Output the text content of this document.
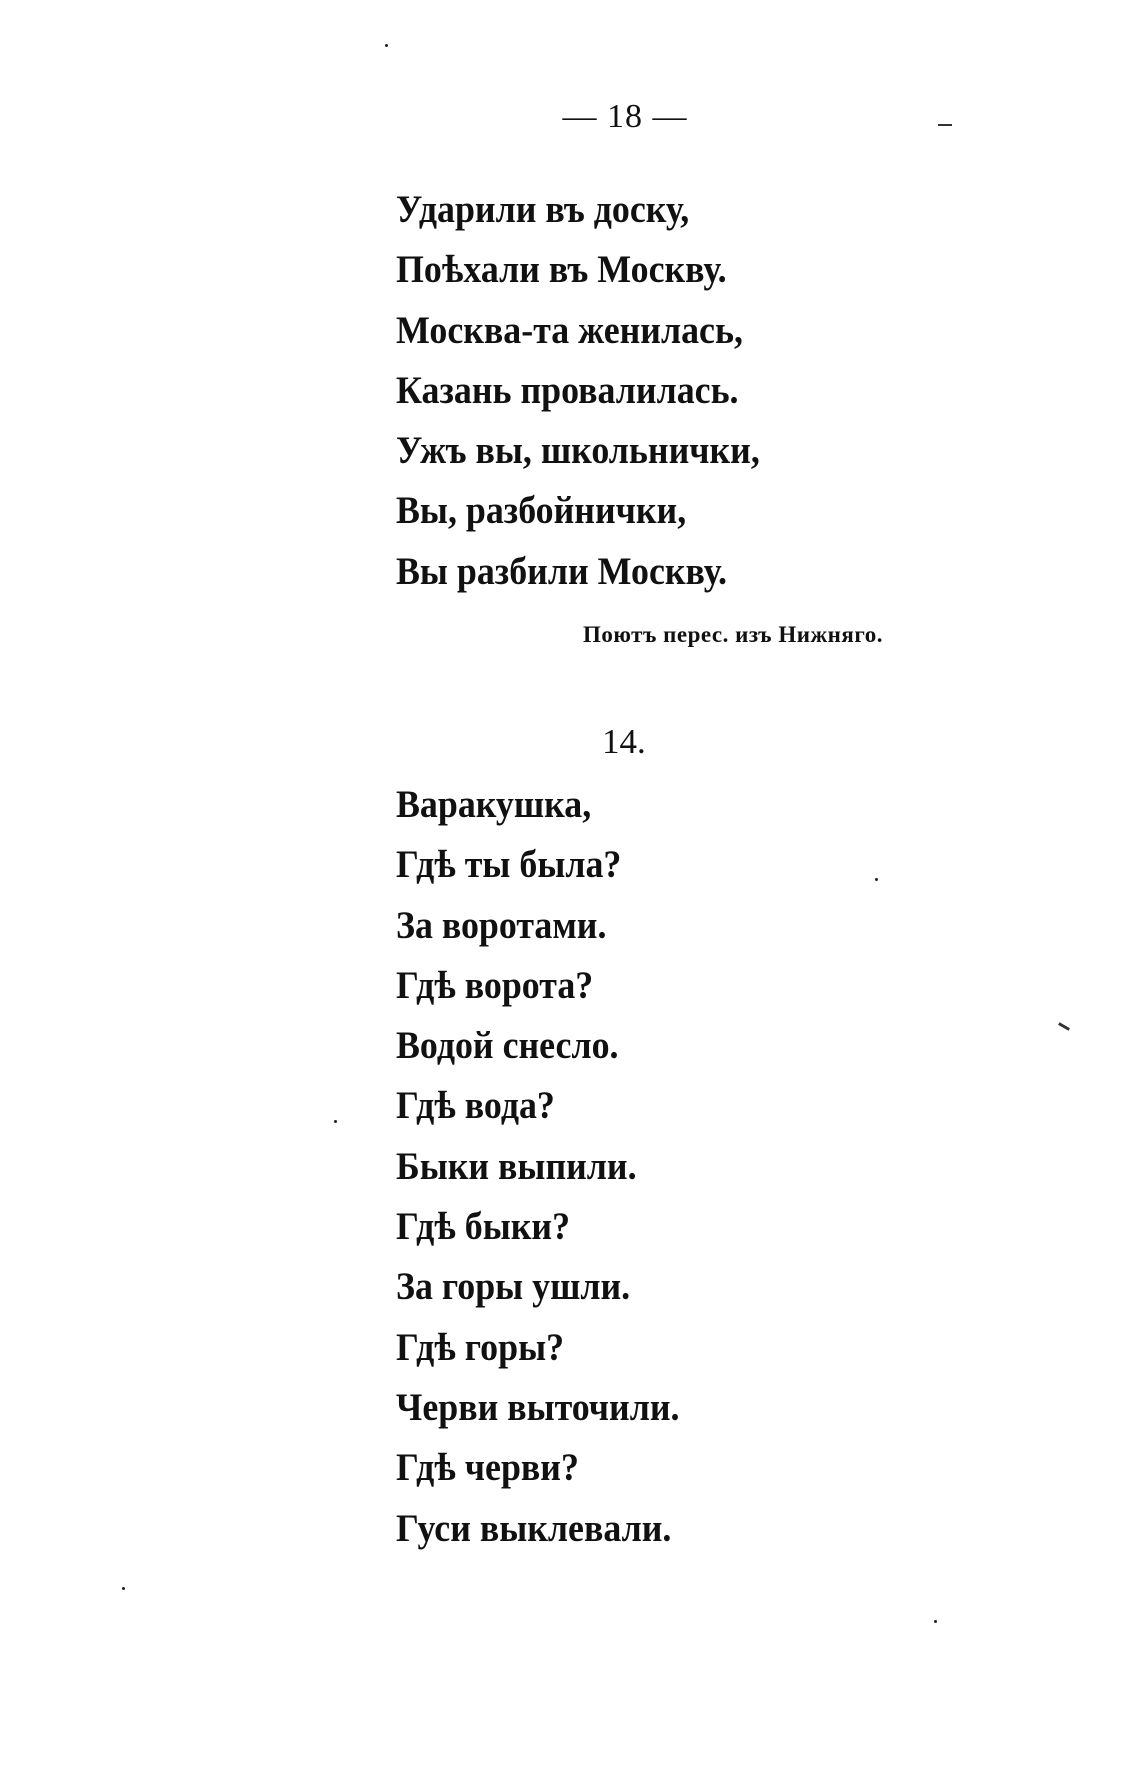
— 18 —
Ударили въ доску,
Поѣхали въ Москву.
Москва-та женилась,
Казань провалилась.
Ужъ вы, школьнички,
Вы, разбойнички,
Вы разбили Москву.
Поютъ перес. изъ Нижняго.
14.
Варакушка,
Гдѣ ты была?
За воротами.
Гдѣ ворота?
Водой снесло.
Гдѣ вода?
Быки выпили.
Гдѣ быки?
За горы ушли.
Гдѣ горы?
Черви выточили.
Гдѣ черви?
Гуси выклевали.
